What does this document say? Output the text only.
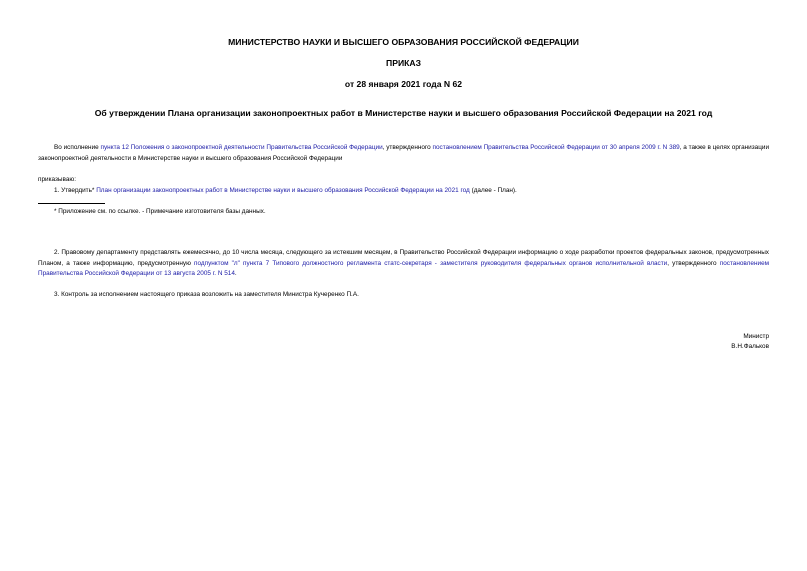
МИНИСТЕРСТВО НАУКИ И ВЫСШЕГО ОБРАЗОВАНИЯ РОССИЙСКОЙ ФЕДЕРАЦИИ
ПРИКАЗ
от 28 января 2021 года N 62
Об утверждении Плана организации законопроектных работ в Министерстве науки и высшего образования Российской Федерации на 2021 год
Во исполнение пункта 12 Положения о законопроектной деятельности Правительства Российской Федерации, утвержденного постановлением Правительства Российской Федерации от 30 апреля 2009 г. N 389, а также в целях организации законопроектной деятельности в Министерстве науки и высшего образования Российской Федерации
приказываю:
1. Утвердить* План организации законопроектных работ в Министерстве науки и высшего образования Российской Федерации на 2021 год (далее - План).
* Приложение см. по ссылке. - Примечание изготовителя базы данных.
2. Правовому департаменту представлять ежемесячно, до 10 числа месяца, следующего за истекшим месяцем, в Правительство Российской Федерации информацию о ходе разработки проектов федеральных законов, предусмотренных Планом, а также информацию, предусмотренную подпунктом "л" пункта 7 Типового должностного регламента статс-секретаря - заместителя руководителя федеральных органов исполнительной власти, утвержденного постановлением Правительства Российской Федерации от 13 августа 2005 г. N 514.
3. Контроль за исполнением настоящего приказа возложить на заместителя Министра Кучеренко П.А.
Министр
В.Н.Фальков
